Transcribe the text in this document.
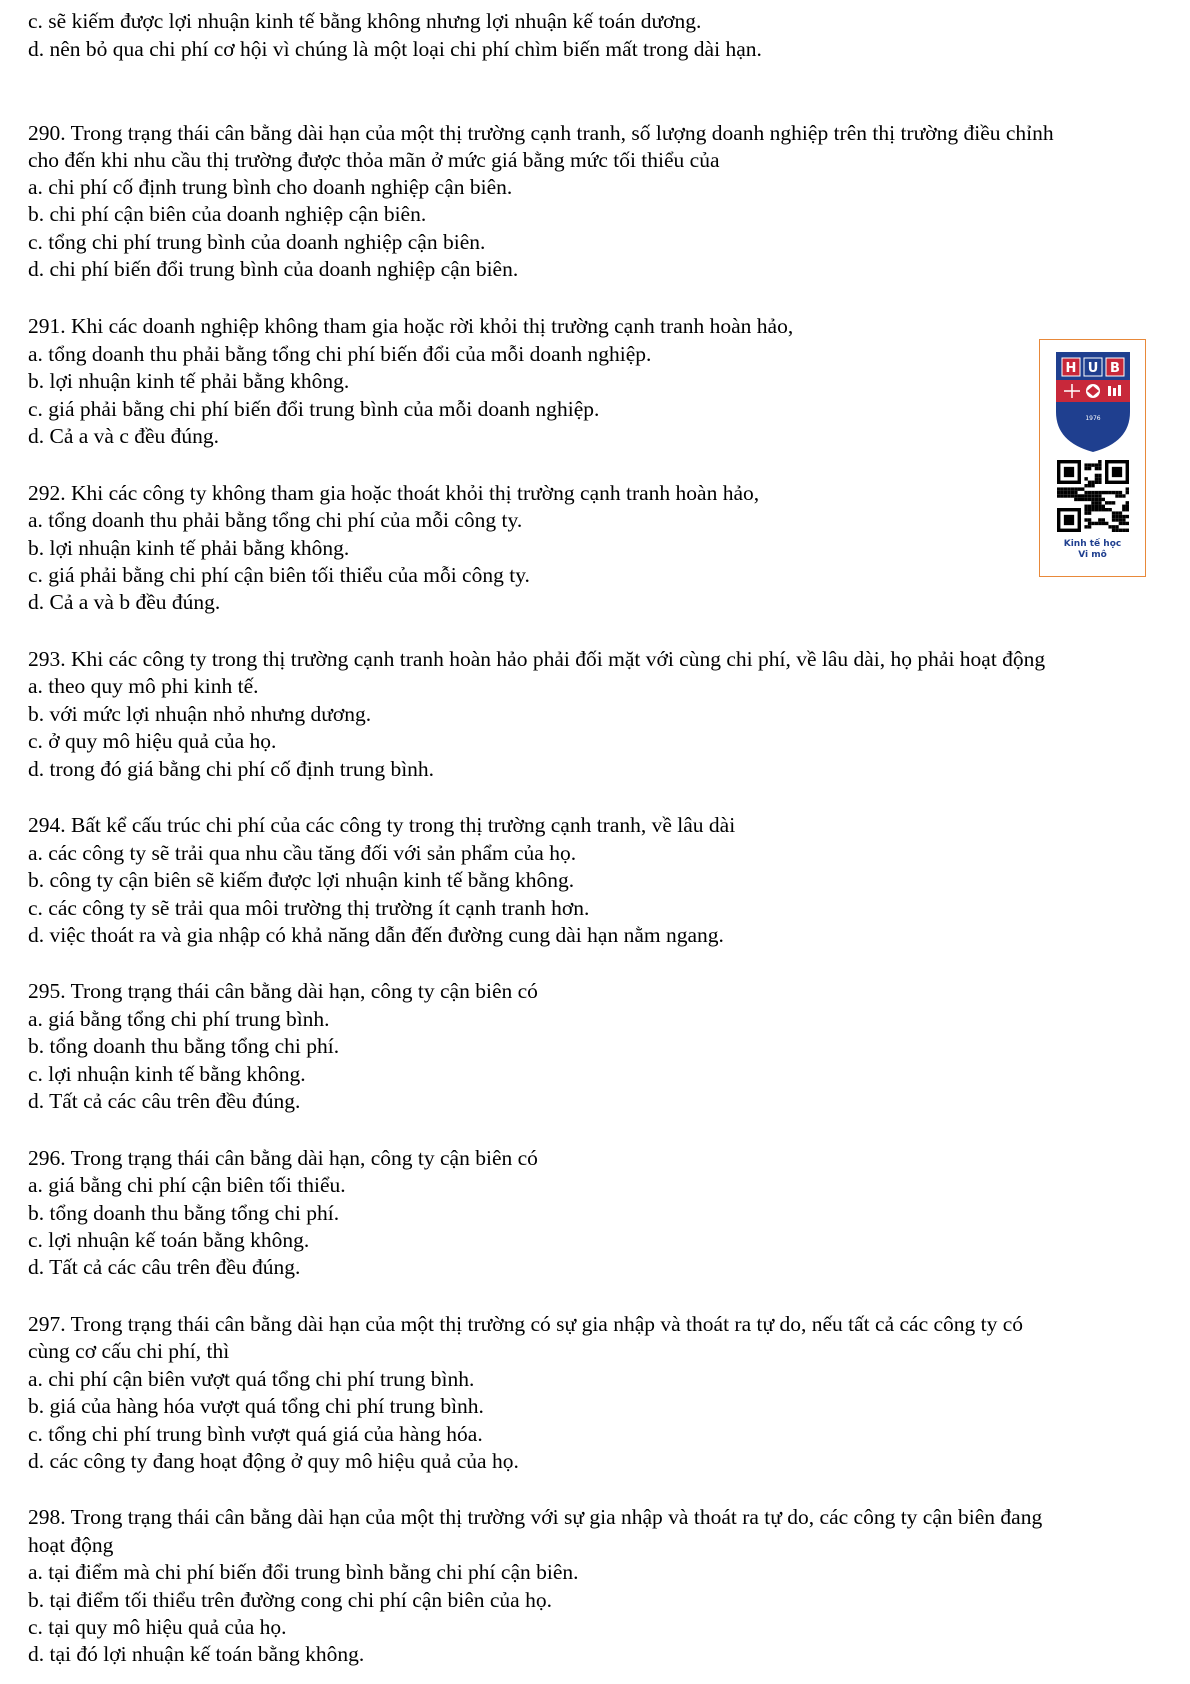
c. sẽ kiếm được lợi nhuận kinh tế bằng không nhưng lợi nhuận kế toán dương.
d. nên bỏ qua chi phí cơ hội vì chúng là một loại chi phí chìm biến mất trong dài hạn.
290. Trong trạng thái cân bằng dài hạn của một thị trường cạnh tranh, số lượng doanh nghiệp trên thị trường điều chỉnh
cho đến khi nhu cầu thị trường được thỏa mãn ở mức giá bằng mức tối thiểu của
a. chi phí cố định trung bình cho doanh nghiệp cận biên.
b. chi phí cận biên của doanh nghiệp cận biên.
c. tổng chi phí trung bình của doanh nghiệp cận biên.
d. chi phí biến đổi trung bình của doanh nghiệp cận biên.
291. Khi các doanh nghiệp không tham gia hoặc rời khỏi thị trường cạnh tranh hoàn hảo,
a. tổng doanh thu phải bằng tổng chi phí biến đổi của mỗi doanh nghiệp.
b. lợi nhuận kinh tế phải bằng không.
c. giá phải bằng chi phí biến đổi trung bình của mỗi doanh nghiệp.
d. Cả a và c đều đúng.
292. Khi các công ty không tham gia hoặc thoát khỏi thị trường cạnh tranh hoàn hảo,
a. tổng doanh thu phải bằng tổng chi phí của mỗi công ty.
b. lợi nhuận kinh tế phải bằng không.
c. giá phải bằng chi phí cận biên tối thiểu của mỗi công ty.
d. Cả a và b đều đúng.
293. Khi các công ty trong thị trường cạnh tranh hoàn hảo phải đối mặt với cùng chi phí, về lâu dài, họ phải hoạt động
a. theo quy mô phi kinh tế.
b. với mức lợi nhuận nhỏ nhưng dương.
c. ở quy mô hiệu quả của họ.
d. trong đó giá bằng chi phí cố định trung bình.
294. Bất kể cấu trúc chi phí của các công ty trong thị trường cạnh tranh, về lâu dài
a. các công ty sẽ trải qua nhu cầu tăng đối với sản phẩm của họ.
b. công ty cận biên sẽ kiếm được lợi nhuận kinh tế bằng không.
c. các công ty sẽ trải qua môi trường thị trường ít cạnh tranh hơn.
d. việc thoát ra và gia nhập có khả năng dẫn đến đường cung dài hạn nằm ngang.
295. Trong trạng thái cân bằng dài hạn, công ty cận biên có
a. giá bằng tổng chi phí trung bình.
b. tổng doanh thu bằng tổng chi phí.
c. lợi nhuận kinh tế bằng không.
d. Tất cả các câu trên đều đúng.
296. Trong trạng thái cân bằng dài hạn, công ty cận biên có
a. giá bằng chi phí cận biên tối thiểu.
b. tổng doanh thu bằng tổng chi phí.
c. lợi nhuận kế toán bằng không.
d. Tất cả các câu trên đều đúng.
297. Trong trạng thái cân bằng dài hạn của một thị trường có sự gia nhập và thoát ra tự do, nếu tất cả các công ty có
cùng cơ cấu chi phí, thì
a. chi phí cận biên vượt quá tổng chi phí trung bình.
b. giá của hàng hóa vượt quá tổng chi phí trung bình.
c. tổng chi phí trung bình vượt quá giá của hàng hóa.
d. các công ty đang hoạt động ở quy mô hiệu quả của họ.
298. Trong trạng thái cân bằng dài hạn của một thị trường với sự gia nhập và thoát ra tự do, các công ty cận biên đang
hoạt động
a. tại điểm mà chi phí biến đổi trung bình bằng chi phí cận biên.
b. tại điểm tối thiểu trên đường cong chi phí cận biên của họ.
c. tại quy mô hiệu quả của họ.
d. tại đó lợi nhuận kế toán bằng không.
H U B
1976
Kinh tế học
Vi mô
